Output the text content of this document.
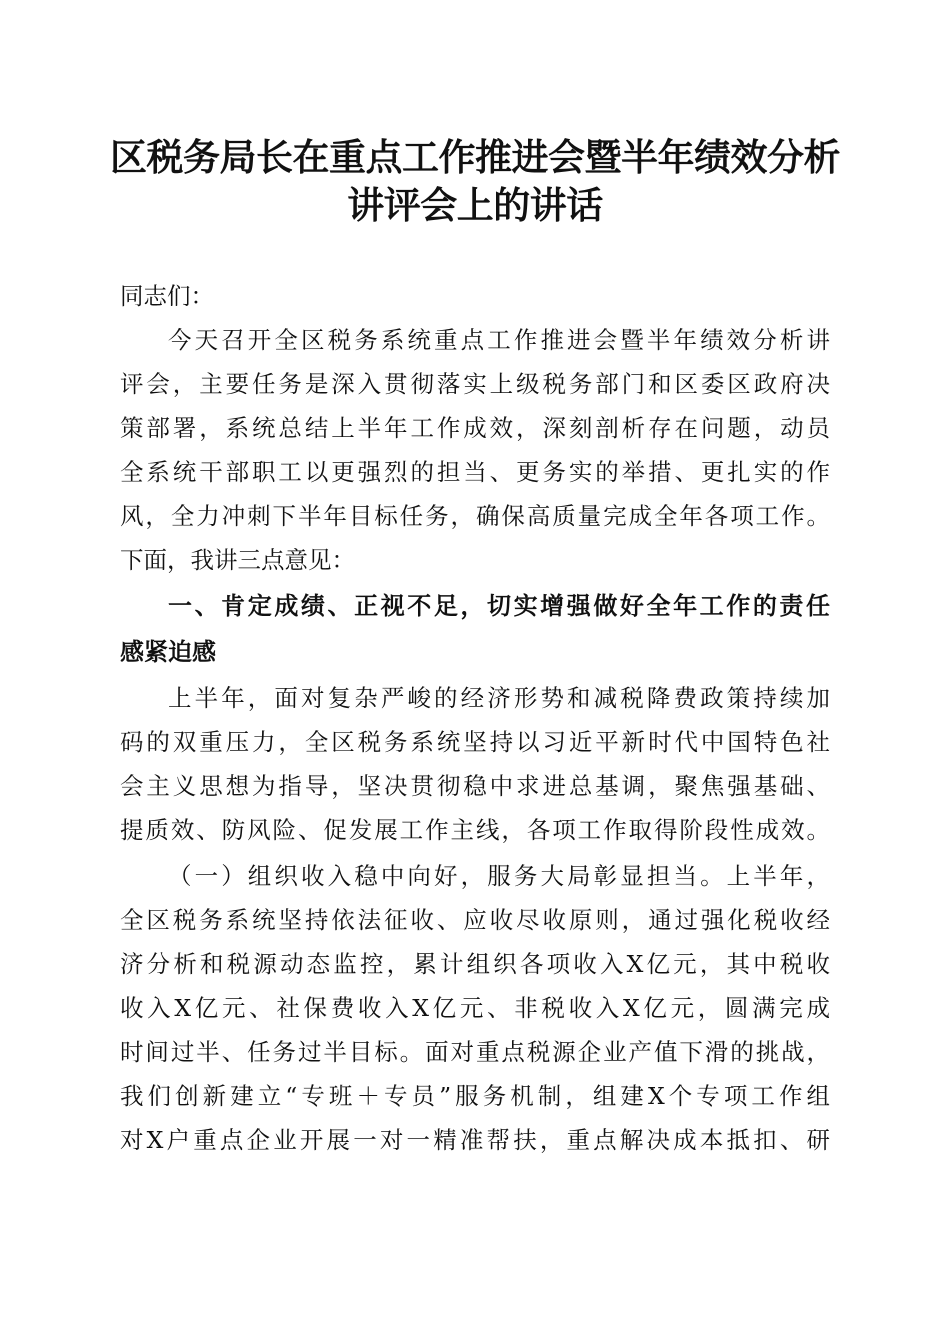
区税务局长在重点工作推进会暨半年绩效分析
讲评会上的讲话
同志们：
今天召开全区税务系统重点工作推进会暨半年绩效分析讲
评会，主要任务是深入贯彻落实上级税务部门和区委区政府决
策部署，系统总结上半年工作成效，深刻剖析存在问题，动员
全系统干部职工以更强烈的担当、更务实的举措、更扎实的作
风，全力冲刺下半年目标任务，确保高质量完成全年各项工作。
下面，我讲三点意见：
一、肯定成绩、正视不足，切实增强做好全年工作的责任
感紧迫感
上半年，面对复杂严峻的经济形势和减税降费政策持续加
码的双重压力，全区税务系统坚持以习近平新时代中国特色社
会主义思想为指导，坚决贯彻稳中求进总基调，聚焦强基础、
提质效、防风险、促发展工作主线，各项工作取得阶段性成效。
（一）组织收入稳中向好，服务大局彰显担当。上半年，
全区税务系统坚持依法征收、应收尽收原则，通过强化税收经
济分析和税源动态监控，累计组织各项收入X亿元，其中税收
收入X亿元、社保费收入X亿元、非税收入X亿元，圆满完成
时间过半、任务过半目标。面对重点税源企业产值下滑的挑战，
我们创新建立“专班＋专员”服务机制，组建X个专项工作组
对X户重点企业开展一对一精准帮扶，重点解决成本抵扣、研
